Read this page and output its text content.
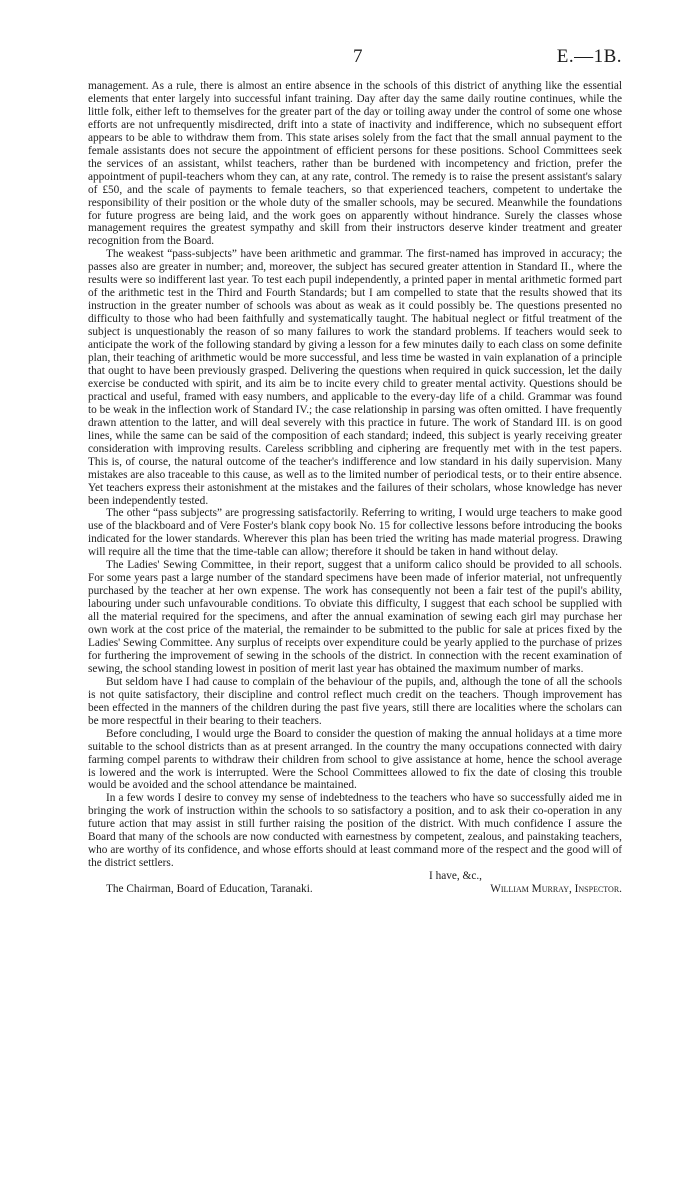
7	E.—1B.

management. As a rule, there is almost an entire absence in the schools of this district of anything like the essential elements that enter largely into successful infant training. Day after day the same daily routine continues, while the little folk, either left to themselves for the greater part of the day or toiling away under the control of some one whose efforts are not unfrequently misdirected, drift into a state of inactivity and indifference, which no subsequent effort appears to be able to withdraw them from. This state arises solely from the fact that the small annual payment to the female assistants does not secure the appointment of efficient persons for these positions. School Committees seek the services of an assistant, whilst teachers, rather than be burdened with incompetency and friction, prefer the appointment of pupil-teachers whom they can, at any rate, control. The remedy is to raise the present assistant's salary of £50, and the scale of payments to female teachers, so that experienced teachers, competent to undertake the responsibility of their position or the whole duty of the smaller schools, may be secured. Meanwhile the foundations for future progress are being laid, and the work goes on apparently without hindrance. Surely the classes whose management requires the greatest sympathy and skill from their instructors deserve kinder treatment and greater recognition from the Board.

The weakest “pass-subjects” have been arithmetic and grammar. The first-named has improved in accuracy; the passes also are greater in number; and, moreover, the subject has secured greater attention in Standard II., where the results were so indifferent last year. To test each pupil independently, a printed paper in mental arithmetic formed part of the arithmetic test in the Third and Fourth Standards; but I am compelled to state that the results showed that its instruction in the greater number of schools was about as weak as it could possibly be. The questions presented no difficulty to those who had been faithfully and systematically taught. The habitual neglect or fitful treatment of the subject is unquestionably the reason of so many failures to work the standard problems. If teachers would seek to anticipate the work of the following standard by giving a lesson for a few minutes daily to each class on some definite plan, their teaching of arithmetic would be more successful, and less time be wasted in vain explanation of a principle that ought to have been previously grasped. Delivering the questions when required in quick succession, let the daily exercise be conducted with spirit, and its aim be to incite every child to greater mental activity. Questions should be practical and useful, framed with easy numbers, and applicable to the every-day life of a child. Grammar was found to be weak in the inflection work of Standard IV.; the case relationship in parsing was often omitted. I have frequently drawn attention to the latter, and will deal severely with this practice in future. The work of Standard III. is on good lines, while the same can be said of the composition of each standard; indeed, this subject is yearly receiving greater consideration with improving results. Careless scribbling and ciphering are frequently met with in the test papers. This is, of course, the natural outcome of the teacher's indifference and low standard in his daily supervision. Many mistakes are also traceable to this cause, as well as to the limited number of periodical tests, or to their entire absence. Yet teachers express their astonishment at the mistakes and the failures of their scholars, whose knowledge has never been independently tested.

The other “pass subjects” are progressing satisfactorily. Referring to writing, I would urge teachers to make good use of the blackboard and of Vere Foster's blank copy book No. 15 for collective lessons before introducing the books indicated for the lower standards. Wherever this plan has been tried the writing has made material progress. Drawing will require all the time that the time-table can allow; therefore it should be taken in hand without delay.

The Ladies' Sewing Committee, in their report, suggest that a uniform calico should be provided to all schools. For some years past a large number of the standard specimens have been made of inferior material, not unfrequently purchased by the teacher at her own expense. The work has consequently not been a fair test of the pupil's ability, labouring under such unfavourable conditions. To obviate this difficulty, I suggest that each school be supplied with all the material required for the specimens, and after the annual examination of sewing each girl may purchase her own work at the cost price of the material, the remainder to be submitted to the public for sale at prices fixed by the Ladies' Sewing Committee. Any surplus of receipts over expenditure could be yearly applied to the purchase of prizes for furthering the improvement of sewing in the schools of the district. In connection with the recent examination of sewing, the school standing lowest in position of merit last year has obtained the maximum number of marks.

But seldom have I had cause to complain of the behaviour of the pupils, and, although the tone of all the schools is not quite satisfactory, their discipline and control reflect much credit on the teachers. Though improvement has been effected in the manners of the children during the past five years, still there are localities where the scholars can be more respectful in their bearing to their teachers.

Before concluding, I would urge the Board to consider the question of making the annual holidays at a time more suitable to the school districts than as at present arranged. In the country the many occupations connected with dairy farming compel parents to withdraw their children from school to give assistance at home, hence the school average is lowered and the work is interrupted. Were the School Committees allowed to fix the date of closing this trouble would be avoided and the school attendance be maintained.

In a few words I desire to convey my sense of indebtedness to the teachers who have so successfully aided me in bringing the work of instruction within the schools to so satisfactory a position, and to ask their co-operation in any future action that may assist in still further raising the position of the district. With much confidence I assure the Board that many of the schools are now conducted with earnestness by competent, zealous, and painstaking teachers, who are worthy of its confidence, and whose efforts should at least command more of the respect and the good will of the district settlers.

I have, &c.,
The Chairman, Board of Education, Taranaki.	William Murray, Inspector.
